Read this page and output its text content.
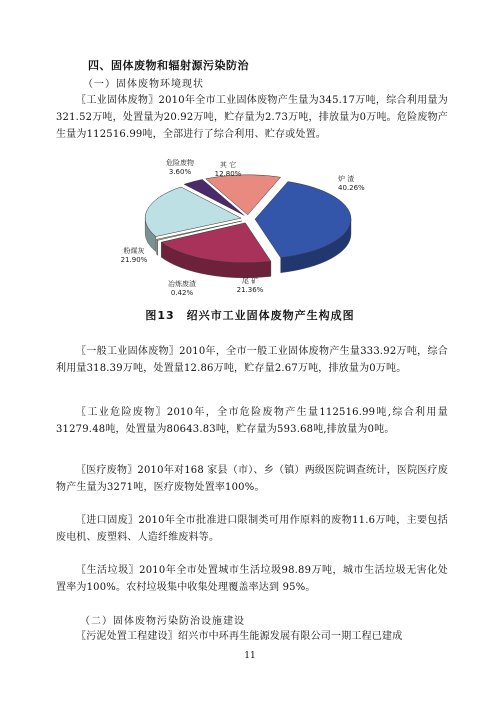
四、固体废物和辐射源污染防治
（一）固体废物环境现状
〖工业固体废物〗2010年全市工业固体废物产生量为345.17万吨，综合利用量为321.52万吨，处置量为20.92万吨，贮存量为2.73万吨，排放量为0万吨。危险废物产生量为112516.99吨，全部进行了综合利用、贮存或处置。
炉 渣
40.26%
尾 矿
21.36%
冶炼废渣
0.42%
粉煤灰
21.90%
危险废物
3.60%
其 它
12.80%
图13　绍兴市工业固体废物产生构成图
〖一般工业固体废物〗2010年，全市一般工业固体废物产生量333.92万吨，综合利用量318.39万吨，处置量12.86万吨，贮存量2.67万吨，排放量为0万吨。
〖工业危险废物〗2010年，全市危险废物产生量112516.99吨,综合利用量31279.48吨，处置量为80643.83吨，贮存量为593.68吨,排放量为0吨。
〖医疗废物〗2010年对168 家县（市）、乡（镇）两级医院调查统计，医院医疗废物产生量为3271吨，医疗废物处置率100%。
〖进口固废〗2010年全市批准进口限制类可用作原料的废物11.6万吨，主要包括废电机、废塑料、人造纤维废料等。
〖生活垃圾〗2010年全市处置城市生活垃圾98.89万吨，城市生活垃圾无害化处置率为100%。农村垃圾集中收集处理覆盖率达到 95%。
（二）固体废物污染防治设施建设
〖污泥处置工程建设〗绍兴市中环再生能源发展有限公司一期工程已建成
11
